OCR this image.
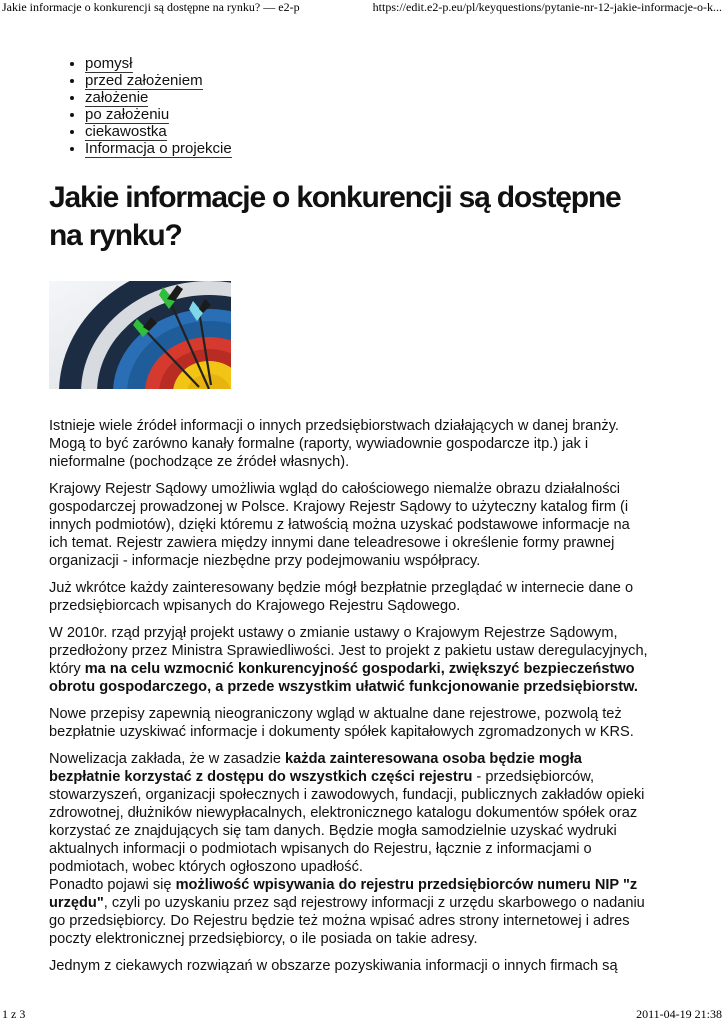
Jakie informacje o konkurencji są dostępne na rynku? — e2-p	https://edit.e2-p.eu/pl/keyquestions/pytanie-nr-12-jakie-informacje-o-k...
• pomysł
• przed założeniem
• założenie
• po założeniu
• ciekawostka
• Informacja o projekcie
Jakie informacje o konkurencji są dostępne na rynku?

Istnieje wiele źródeł informacji o innych przedsiębiorstwach działających w danej branży. Mogą to być zarówno kanały formalne (raporty, wywiadownie gospodarcze itp.) jak i nieformalne (pochodzące ze źródeł własnych).

Krajowy Rejestr Sądowy umożliwia wgląd do całościowego niemalże obrazu działalności gospodarczej prowadzonej w Polsce. Krajowy Rejestr Sądowy to użyteczny katalog firm (i innych podmiotów), dzięki któremu z łatwością można uzyskać podstawowe informacje na ich temat. Rejestr zawiera między innymi dane teleadresowe i określenie formy prawnej organizacji - informacje niezbędne przy podejmowaniu współpracy.

Już wkrótce każdy zainteresowany będzie mógł bezpłatnie przeglądać w internecie dane o przedsiębiorcach wpisanych do Krajowego Rejestru Sądowego.

W 2010r. rząd przyjął projekt ustawy o zmianie ustawy o Krajowym Rejestrze Sądowym, przedłożony przez Ministra Sprawiedliwości. Jest to projekt z pakietu ustaw deregulacyjnych, który ma na celu wzmocnić konkurencyjność gospodarki, zwiększyć bezpieczeństwo obrotu gospodarczego, a przede wszystkim ułatwić funkcjonowanie przedsiębiorstw.

Nowe przepisy zapewnią nieograniczony wgląd w aktualne dane rejestrowe, pozwolą też bezpłatnie uzyskiwać informacje i dokumenty spółek kapitałowych zgromadzonych w KRS.

Nowelizacja zakłada, że w zasadzie każda zainteresowana osoba będzie mogła bezpłatnie korzystać z dostępu do wszystkich części rejestru - przedsiębiorców, stowarzyszeń, organizacji społecznych i zawodowych, fundacji, publicznych zakładów opieki zdrowotnej, dłużników niewypłacalnych, elektronicznego katalogu dokumentów spółek oraz korzystać ze znajdujących się tam danych. Będzie mogła samodzielnie uzyskać wydruki aktualnych informacji o podmiotach wpisanych do Rejestru, łącznie z informacjami o podmiotach, wobec których ogłoszono upadłość.

Ponadto pojawi się możliwość wpisywania do rejestru przedsiębiorców numeru NIP "z urzędu", czyli po uzyskaniu przez sąd rejestrowy informacji z urzędu skarbowego o nadaniu go przedsiębiorcy. Do Rejestru będzie też można wpisać adres strony internetowej i adres poczty elektronicznej przedsiębiorcy, o ile posiada on takie adresy.

Jednym z ciekawych rozwiązań w obszarze pozyskiwania informacji o innych firmach są

1 z 3	2011-04-19 21:38
